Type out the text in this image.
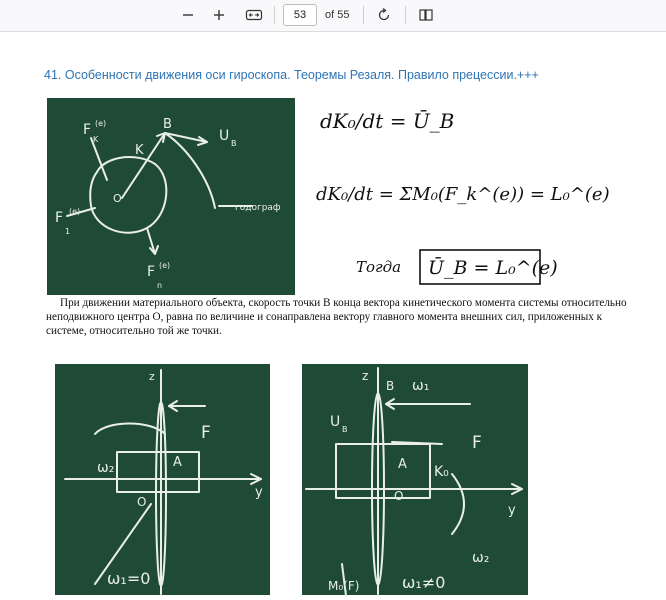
53	of 55
41. Особенности движения оси гироскопа. Теоремы Резаля. Правило прецессии.+++
F (e)
K
B
K
U B
O
F
1
(e)
F
n
(e)
годограф
dK₀/dt = Ū_B
dK₀/dt = ΣM₀(F_k^(e)) = L₀^(e)
Тогда Ū_B = L₀^(e)
При движении материального объекта, скорость точки B конца вектора кинетического момента системы относительно неподвижного центра O, равна по величине и сонаправлена вектору главного момента внешних сил, приложенных к системе, относительно той же точки.
z
F
A
ω₂
O
y
ω₁=0
z
B ω₁
U B
F
A K₀
O
y
ω₂
M₀(F)	ω₁≠0
